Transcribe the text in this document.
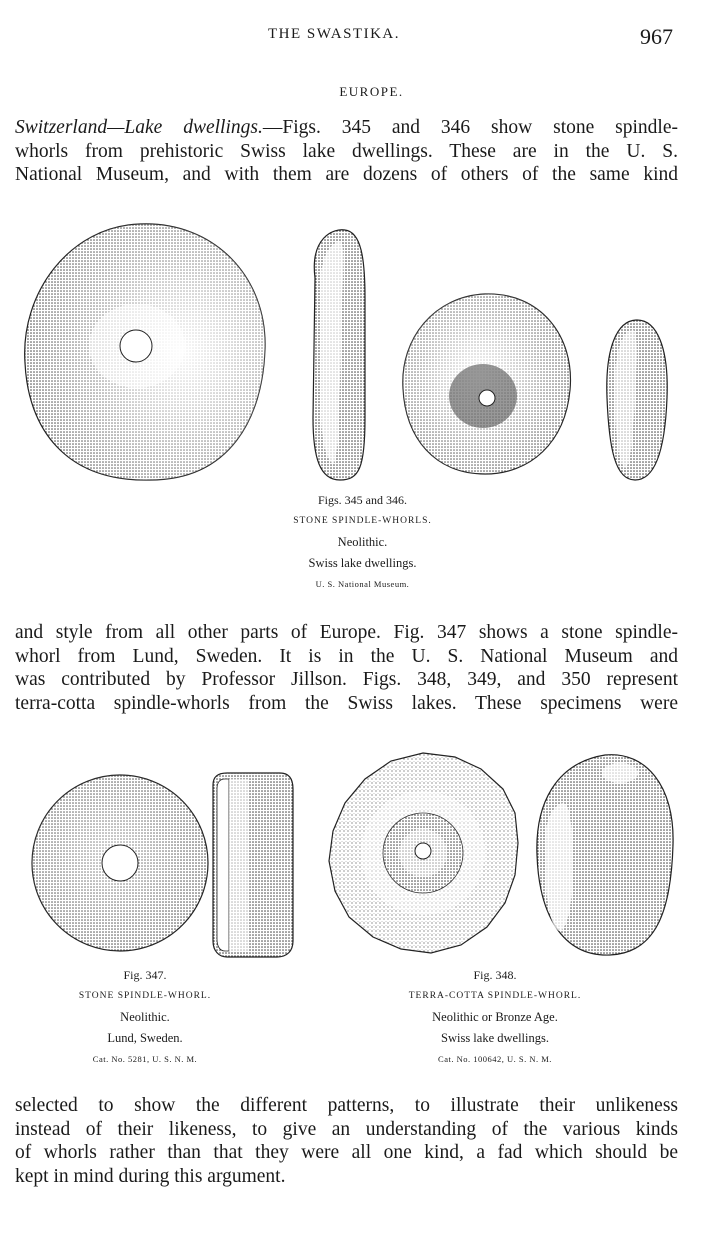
THE SWASTIKA.	967
EUROPE.
Switzerland—Lake dwellings.—Figs. 345 and 346 show stone spindle-
whorls from prehistoric Swiss lake dwellings. These are in the U. S.
National Museum, and with them are dozens of others of the same kind
Figs. 345 and 346.
STONE SPINDLE-WHORLS.
Neolithic.
Swiss lake dwellings.
U. S. National Museum.
and style from all other parts of Europe. Fig. 347 shows a stone spindle-
whorl from Lund, Sweden. It is in the U. S. National Museum and
was contributed by Professor Jillson. Figs. 348, 349, and 350 represent
terra-cotta spindle-whorls from the Swiss lakes. These specimens were
Fig. 347.
STONE SPINDLE-WHORL.
Neolithic.
Lund, Sweden.
Cat. No. 5281, U. S. N. M.
Fig. 348.
TERRA-COTTA SPINDLE-WHORL.
Neolithic or Bronze Age.
Swiss lake dwellings.
Cat. No. 100642, U. S. N. M.
selected to show the different patterns, to illustrate their unlikeness
instead of their likeness, to give an understanding of the various kinds
of whorls rather than that they were all one kind, a fad which should be
kept in mind during this argument.
